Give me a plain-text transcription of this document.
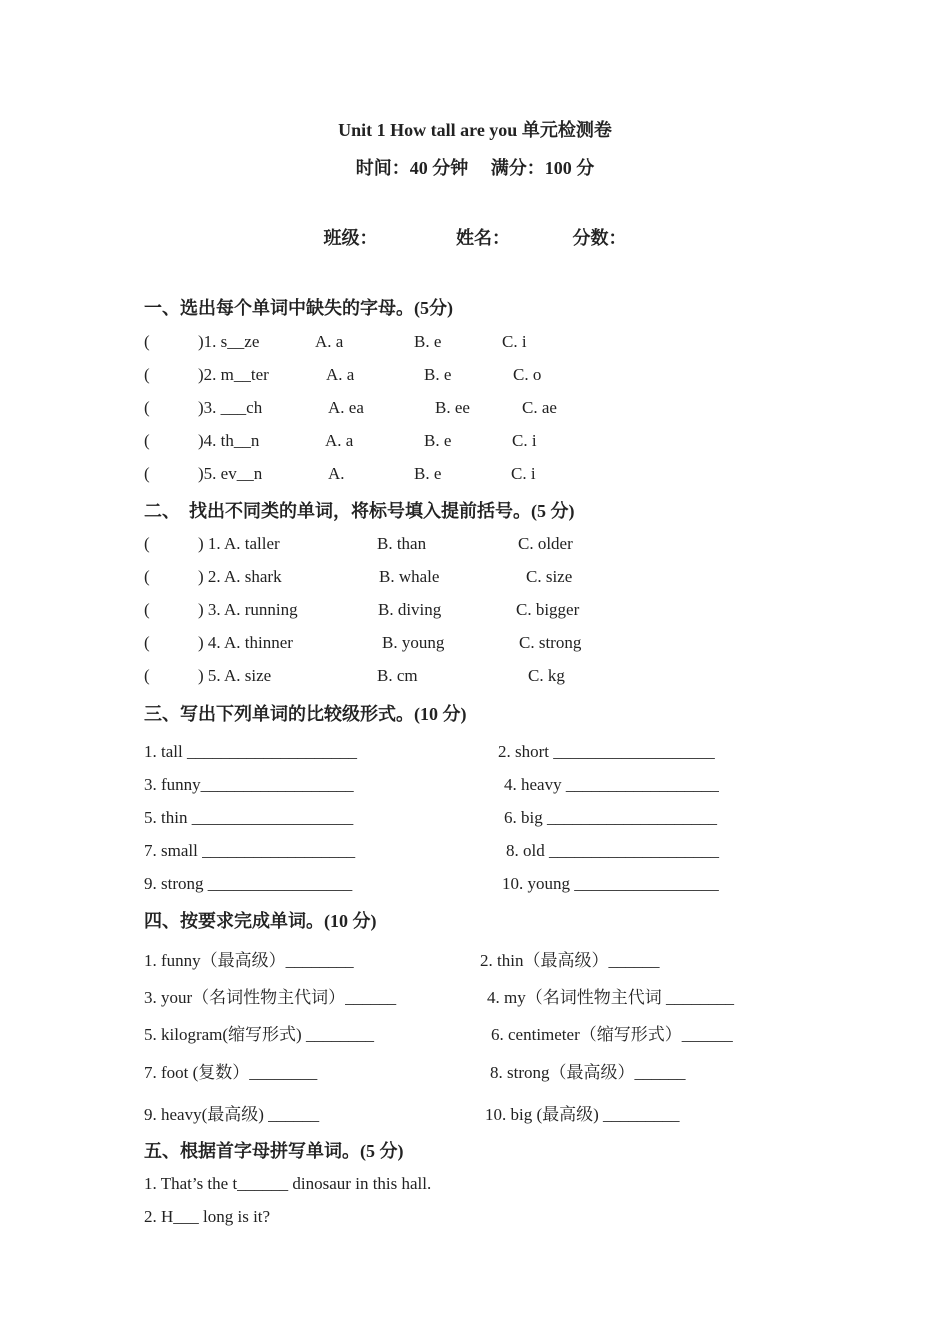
Unit 1 How tall are you 单元检测卷
时间：40 分钟　 满分：100 分
班级：	姓名：	分数：
一、选出每个单词中缺失的字母。(5分)
(	)1. s__ze	A. a	B. e	C. i
(	)2. m__ter	A. a	B. e	C. o
(	)3. ___ch	A. ea	B. ee	C. ae
(	)4. th__n	A. a	B. e	C. i
(	)5. ev__n	A.	B. e	C. i
二、　找出不同类的单词，将标号填入提前括号。(5 分)
(	) 1. A. taller	B. than	C. older
(	) 2. A. shark	B. whale	C. size
(	) 3. A. running	B. diving	C. bigger
(	) 4. A. thinner	B. young	C. strong
(	) 5. A. size	B. cm	C. kg
三、写出下列单词的比较级形式。(10 分)
1. tall ____________________	2. short ___________________
3. funny__________________	4. heavy __________________
5. thin ___________________	6. big ____________________
7. small __________________	8. old ____________________
9. strong _________________	10. young _________________
四、按要求完成单词。(10 分)
1. funny（最高级）________	2. thin（最高级）______
3. your（名词性物主代词）______	4. my（名词性物主代词 ________
5. kilogram(缩写形式) ________	6. centimeter（缩写形式）______
7. foot (复数）________	8. strong（最高级）______
9. heavy(最高级) ______	10. big (最高级) _________
五、根据首字母拼写单词。(5 分)
1. That’s the t______ dinosaur in this hall.
2. H___ long is it?
